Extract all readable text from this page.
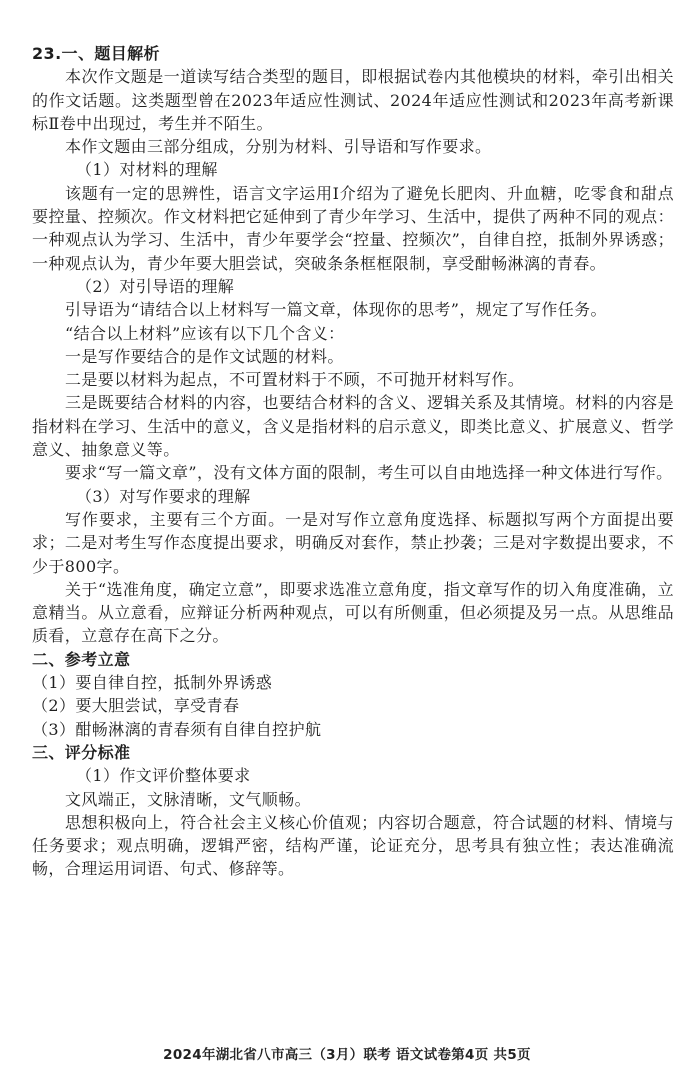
23.一、题目解析

本次作文题是一道读写结合类型的题目，即根据试卷内其他模块的材料，牵引出相关的作文话题。这类题型曾在2023年适应性测试、2024年适应性测试和2023年高考新课标Ⅱ卷中出现过，考生并不陌生。

本作文题由三部分组成，分别为材料、引导语和写作要求。

（1）对材料的理解

该题有一定的思辨性，语言文字运用Ⅰ介绍为了避免长肥肉、升血糖，吃零食和甜点要控量、控频次。作文材料把它延伸到了青少年学习、生活中，提供了两种不同的观点：一种观点认为学习、生活中，青少年要学会“控量、控频次”，自律自控，抵制外界诱惑；一种观点认为，青少年要大胆尝试，突破条条框框限制，享受酣畅淋漓的青春。

（2）对引导语的理解

引导语为“请结合以上材料写一篇文章，体现你的思考”，规定了写作任务。

“结合以上材料”应该有以下几个含义：

一是写作要结合的是作文试题的材料。

二是要以材料为起点，不可置材料于不顾，不可抛开材料写作。

三是既要结合材料的内容，也要结合材料的含义、逻辑关系及其情境。材料的内容是指材料在学习、生活中的意义，含义是指材料的启示意义，即类比意义、扩展意义、哲学意义、抽象意义等。

要求“写一篇文章”，没有文体方面的限制，考生可以自由地选择一种文体进行写作。

（3）对写作要求的理解

写作要求，主要有三个方面。一是对写作立意角度选择、标题拟写两个方面提出要求；二是对考生写作态度提出要求，明确反对套作，禁止抄袭；三是对字数提出要求，不少于800字。

关于“选准角度，确定立意”，即要求选准立意角度，指文章写作的切入角度准确，立意精当。从立意看，应辩证分析两种观点，可以有所侧重，但必须提及另一点。从思维品质看，立意存在高下之分。

二、参考立意

（1）要自律自控，抵制外界诱惑

（2）要大胆尝试，享受青春

（3）酣畅淋漓的青春须有自律自控护航

三、评分标准

（1）作文评价整体要求

文风端正，文脉清晰，文气顺畅。

思想积极向上，符合社会主义核心价值观；内容切合题意，符合试题的材料、情境与任务要求；观点明确，逻辑严密，结构严谨，论证充分，思考具有独立性；表达准确流畅，合理运用词语、句式、修辞等。

2024年湖北省八市高三（3月）联考 语文试卷第4页 共5页
